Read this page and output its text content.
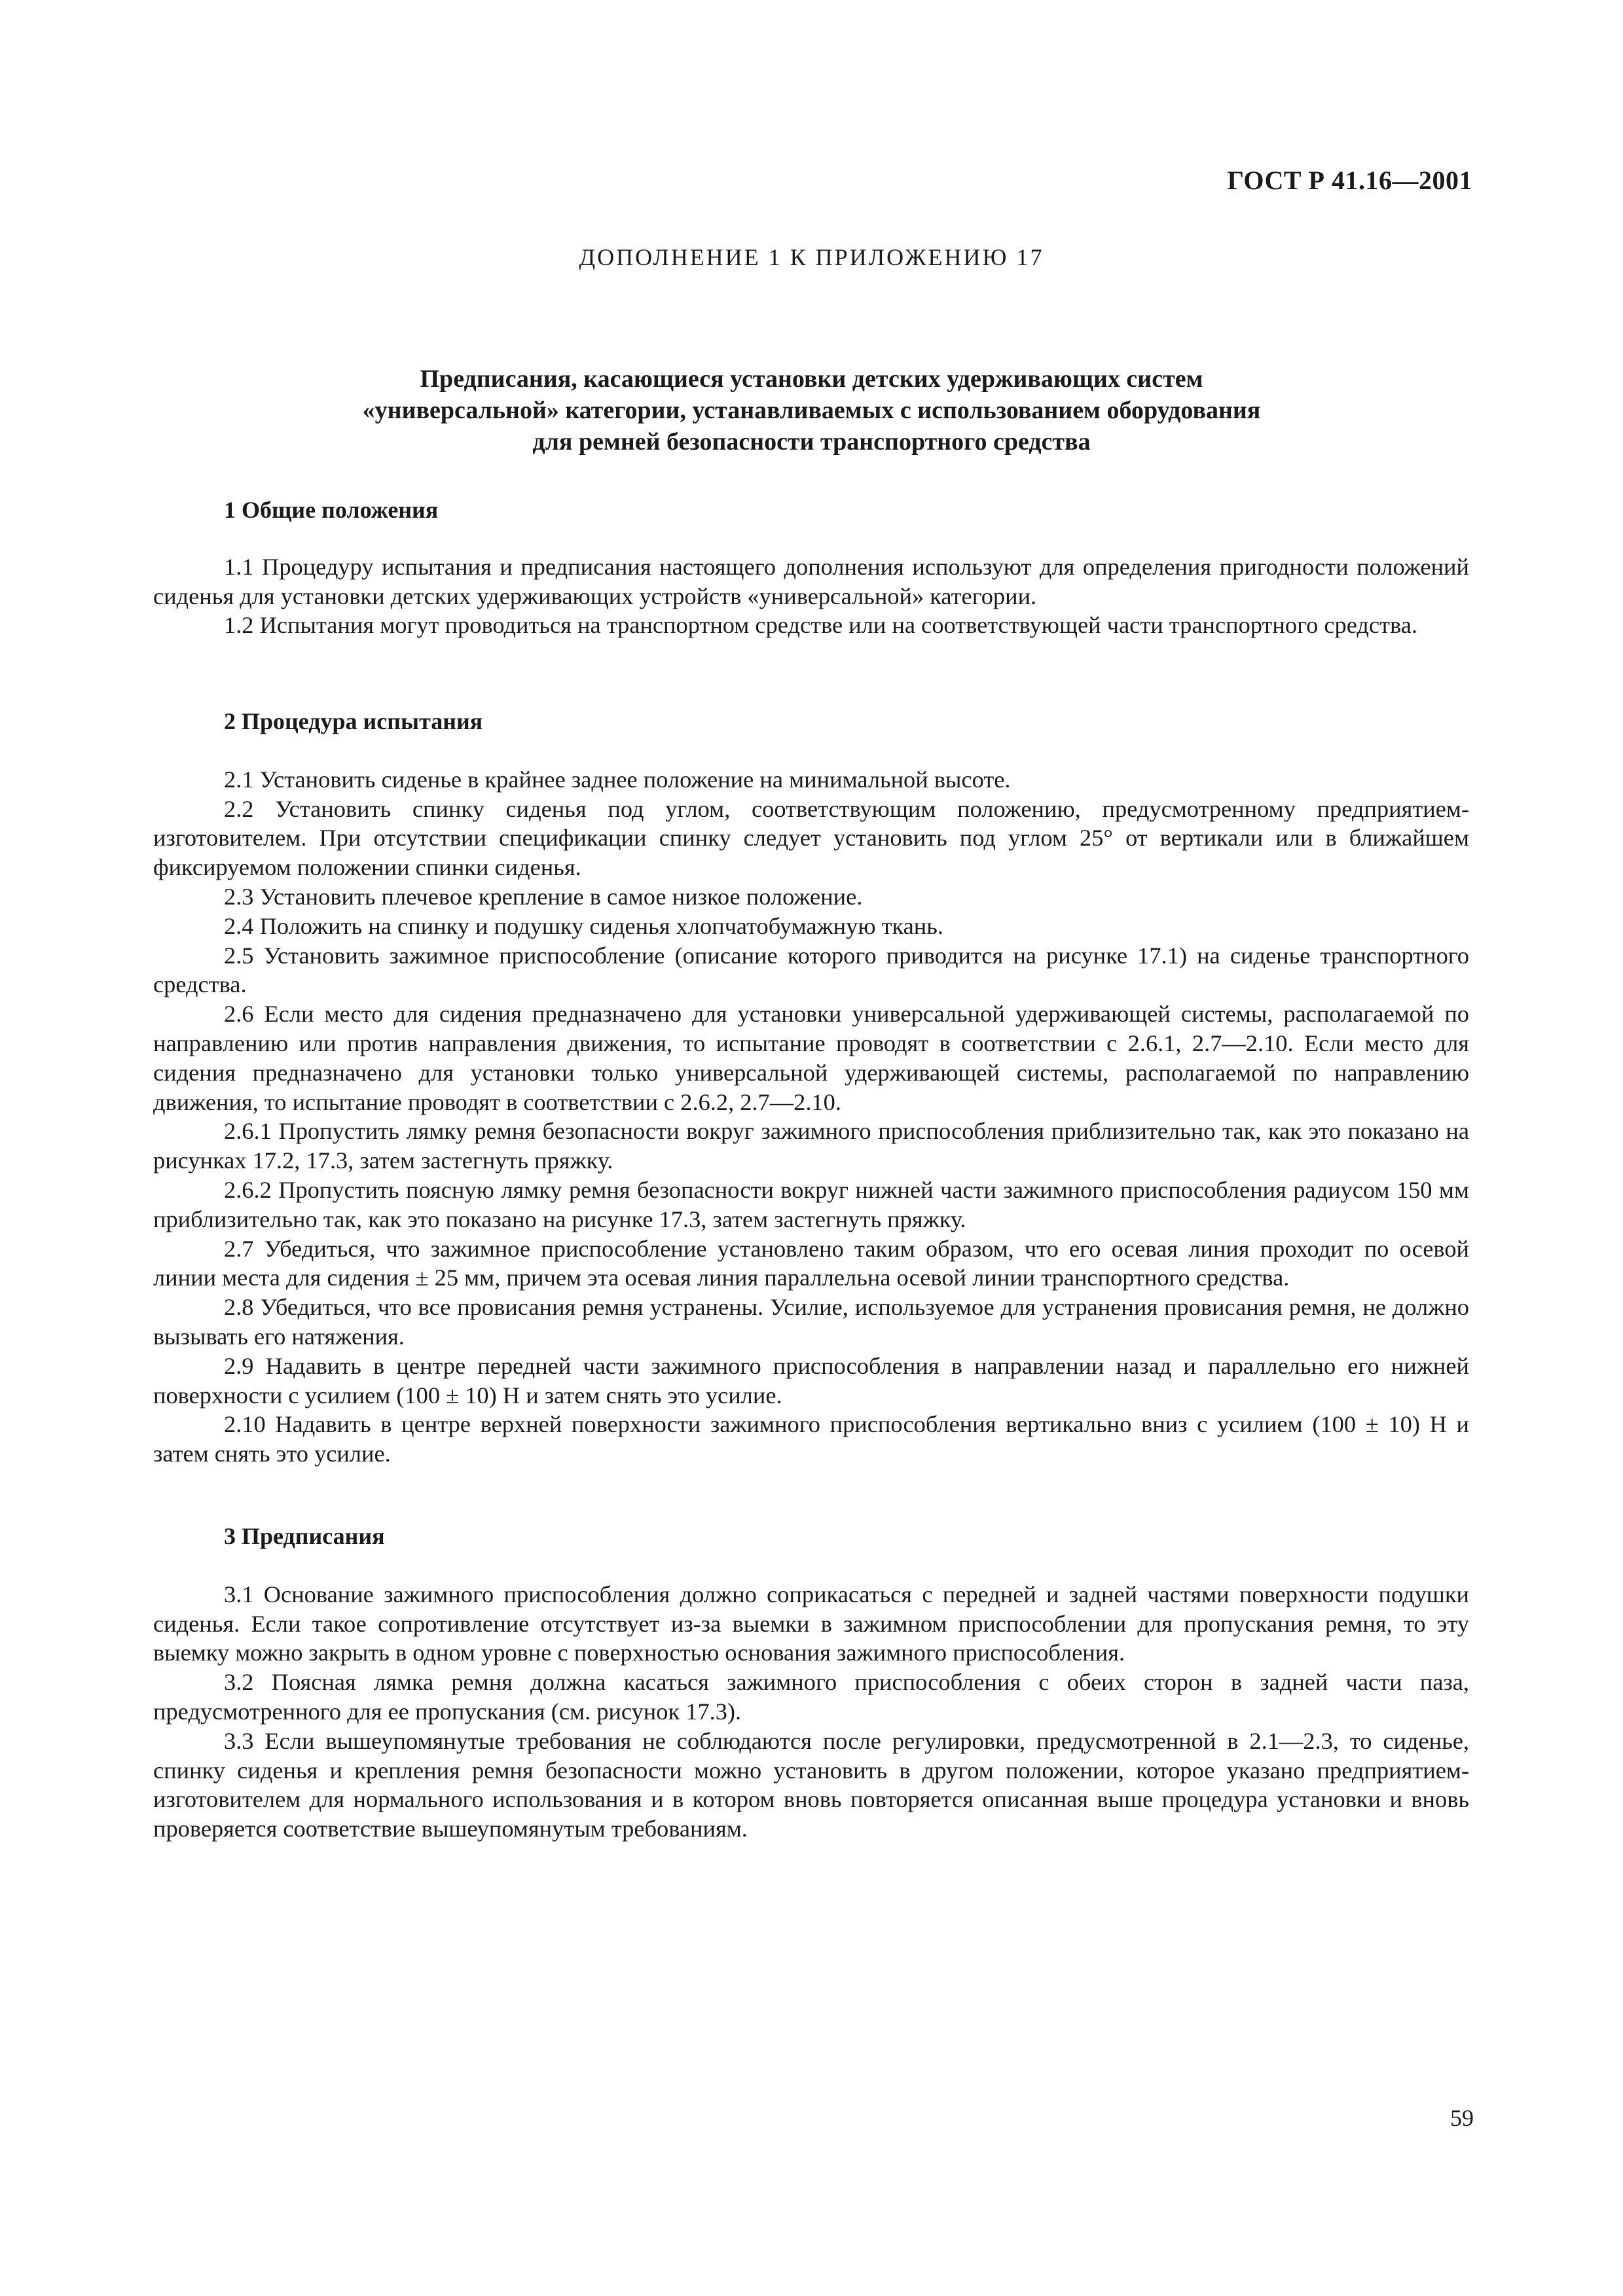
ГОСТ Р 41.16—2001
ДОПОЛНЕНИЕ 1 К ПРИЛОЖЕНИЮ 17
Предписания, касающиеся установки детских удерживающих систем
«универсальной» категории, устанавливаемых с использованием оборудования
для ремней безопасности транспортного средства
1 Общие положения

1.1 Процедуру испытания и предписания настоящего дополнения используют для определения пригодности положений сиденья для установки детских удерживающих устройств «универсальной» категории.

1.2 Испытания могут проводиться на транспортном средстве или на соответствующей части транспортного средства.

2 Процедура испытания

2.1 Установить сиденье в крайнее заднее положение на минимальной высоте.

2.2 Установить спинку сиденья под углом, соответствующим положению, предусмотренному предприятием-изготовителем. При отсутствии спецификации спинку следует установить под углом 25° от вертикали или в ближайшем фиксируемом положении спинки сиденья.

2.3 Установить плечевое крепление в самое низкое положение.

2.4 Положить на спинку и подушку сиденья хлопчатобумажную ткань.

2.5 Установить зажимное приспособление (описание которого приводится на рисунке 17.1) на сиденье транспортного средства.

2.6 Если место для сидения предназначено для установки универсальной удерживающей системы, располагаемой по направлению или против направления движения, то испытание проводят в соответствии с 2.6.1, 2.7—2.10. Если место для сидения предназначено для установки только универсальной удерживающей системы, располагаемой по направлению движения, то испытание проводят в соответствии с 2.6.2, 2.7—2.10.

2.6.1 Пропустить лямку ремня безопасности вокруг зажимного приспособления приблизительно так, как это показано на рисунках 17.2, 17.3, затем застегнуть пряжку.

2.6.2 Пропустить поясную лямку ремня безопасности вокруг нижней части зажимного приспособления радиусом 150 мм приблизительно так, как это показано на рисунке 17.3, затем застегнуть пряжку.

2.7 Убедиться, что зажимное приспособление установлено таким образом, что его осевая линия проходит по осевой линии места для сидения ± 25 мм, причем эта осевая линия параллельна осевой линии транспортного средства.

2.8 Убедиться, что все провисания ремня устранены. Усилие, используемое для устранения провисания ремня, не должно вызывать его натяжения.

2.9 Надавить в центре передней части зажимного приспособления в направлении назад и параллельно его нижней поверхности с усилием (100 ± 10) Н и затем снять это усилие.

2.10 Надавить в центре верхней поверхности зажимного приспособления вертикально вниз с усилием (100 ± 10) Н и затем снять это усилие.

3 Предписания

3.1 Основание зажимного приспособления должно соприкасаться с передней и задней частями поверхности подушки сиденья. Если такое сопротивление отсутствует из-за выемки в зажимном приспособлении для пропускания ремня, то эту выемку можно закрыть в одном уровне с поверхностью основания зажимного приспособления.

3.2 Поясная лямка ремня должна касаться зажимного приспособления с обеих сторон в задней части паза, предусмотренного для ее пропускания (см. рисунок 17.3).

3.3 Если вышеупомянутые требования не соблюдаются после регулировки, предусмотренной в 2.1—2.3, то сиденье, спинку сиденья и крепления ремня безопасности можно установить в другом положении, которое указано предприятием-изготовителем для нормального использования и в котором вновь повторяется описанная выше процедура установки и вновь проверяется соответствие вышеупомянутым требованиям.

59
